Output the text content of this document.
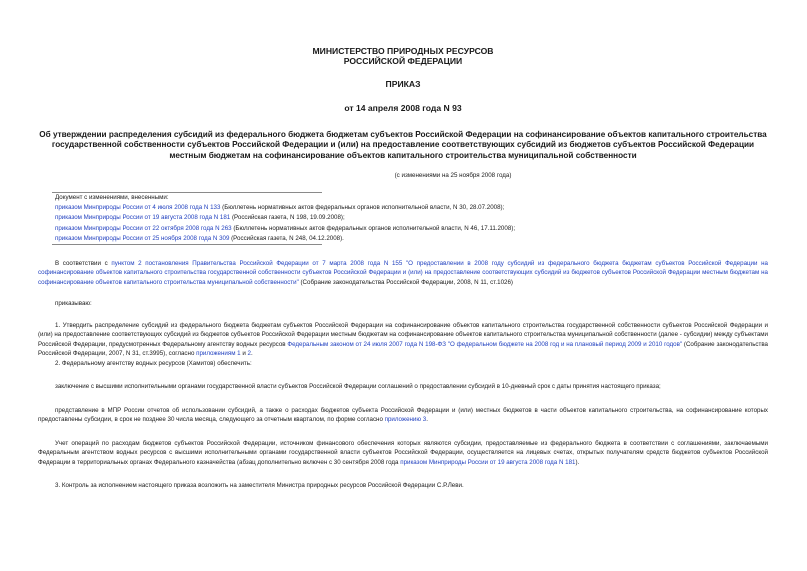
МИНИСТЕРСТВО ПРИРОДНЫХ РЕСУРСОВ
РОССИЙСКОЙ ФЕДЕРАЦИИ
ПРИКАЗ
от 14 апреля 2008 года N 93
Об утверждении распределения субсидий из федерального бюджета бюджетам субъектов Российской Федерации на софинансирование объектов капитального строительства государственной собственности субъектов Российской Федерации и (или) на предоставление соответствующих субсидий из бюджетов субъектов Российской Федерации местным бюджетам на софинансирование объектов капитального строительства муниципальной собственности
(с изменениями на 25 ноября 2008 года)
Документ с изменениями, внесенными:
приказом Минприроды России от 4 июля 2008 года N 133 (Бюллетень нормативных актов федеральных органов исполнительной власти, N 30, 28.07.2008);
приказом Минприроды России от 19 августа 2008 года N 181 (Российская газета, N 198, 19.09.2008);
приказом Минприроды России от 22 октября 2008 года N 263 (Бюллетень нормативных актов федеральных органов исполнительной власти, N 46, 17.11.2008);
приказом Минприроды России от 25 ноября 2008 года N 309 (Российская газета, N 248, 04.12.2008).
В соответствии с пунктом 2 постановления Правительства Российской Федерации от 7 марта 2008 года N 155 "О предоставлении в 2008 году субсидий из федерального бюджета бюджетам субъектов Российской Федерации на софинансирование объектов капитального строительства государственной собственности субъектов Российской Федерации и (или) на предоставление соответствующих субсидий из бюджетов субъектов Российской Федерации местным бюджетам на софинансирование объектов капитального строительства муниципальной собственности" (Собрание законодательства Российской Федерации, 2008, N 11, ст.1026)
приказываю:
1. Утвердить распределение субсидий из федерального бюджета бюджетам субъектов Российской Федерации на софинансирование объектов капитального строительства государственной собственности субъектов Российской Федерации и (или) на предоставление соответствующих субсидий из бюджетов субъектов Российской Федерации местным бюджетам на софинансирование объектов капитального строительства муниципальной собственности (далее - субсидии) между субъектами Российской Федерации, предусмотренных Федеральному агентству водных ресурсов Федеральным законом от 24 июля 2007 года N 198-ФЗ "О федеральном бюджете на 2008 год и на плановый период 2009 и 2010 годов" (Собрание законодательства Российской Федерации, 2007, N 31, ст.3995), согласно приложениям 1 и 2.
2. Федеральному агентству водных ресурсов (Хамитов) обеспечить:
заключение с высшими исполнительными органами государственной власти субъектов Российской Федерации соглашений о предоставлении субсидий в 10-дневный срок с даты принятия настоящего приказа;
представление в МПР России отчетов об использовании субсидий, а также о расходах бюджетов субъекта Российской Федерации и (или) местных бюджетов в части объектов капитального строительства, на софинансирование которых предоставлены субсидии, в срок не позднее 30 числа месяца, следующего за отчетным кварталом, по форме согласно приложению 3.
Учет операций по расходам бюджетов субъектов Российской Федерации, источником финансового обеспечения которых являются субсидии, предоставляемые из федерального бюджета в соответствии с соглашениями, заключаемыми Федеральным агентством водных ресурсов с высшими исполнительными органами государственной власти субъектов Российской Федерации, осуществляется на лицевых счетах, открытых получателям средств бюджетов субъектов Российской Федерации в территориальных органах Федерального казначейства (абзац дополнительно включен с 30 сентября 2008 года приказом Минприроды России от 19 августа 2008 года N 181).
3. Контроль за исполнением настоящего приказа возложить на заместителя Министра природных ресурсов Российской Федерации С.Р.Леви.
